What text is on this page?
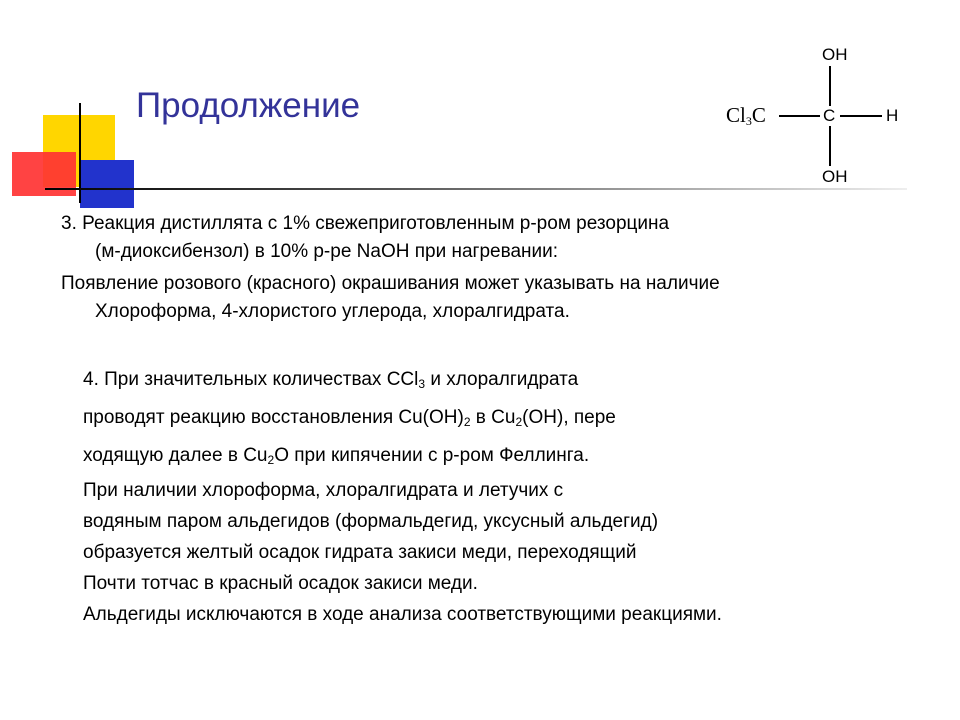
Продолжение
OH
$Cl_3C$	C	H
OH
3. Реакция дистиллята с 1% свежеприготовленным р-ром резорцина
(м-диоксибензол) в 10% р-ре NaOH при нагревании:
Появление розового (красного) окрашивания может указывать на наличие
Хлороформа, 4-хлористого углерода, хлоралгидрата.
4. При значительных количествах CCl$_3$ и хлоралгидрата
проводят реакцию восстановления $Cu(OH)_2$ в $Cu_2(OH)$, пере
ходящую далее в $Cu_2O$ при кипячении с р-ром Феллинга.
При наличии хлороформа, хлоралгидрата и летучих с
водяным паром альдегидов (формальдегид, уксусный альдегид)
образуется желтый осадок гидрата закиси меди, переходящий
Почти тотчас в красный осадок закиси меди.
Альдегиды исключаются в ходе анализа соответствующими реакциями.
